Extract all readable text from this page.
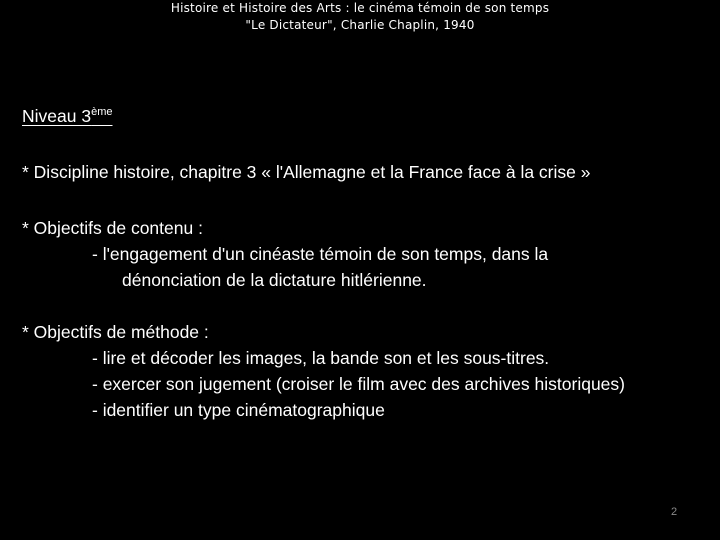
Histoire et Histoire des Arts : le cinéma témoin de son temps
"Le Dictateur", Charlie Chaplin, 1940
Niveau 3ème
* Discipline histoire, chapitre 3 « l'Allemagne et la France face à la crise »
* Objectifs de contenu :
- l'engagement d'un cinéaste témoin de son temps, dans la
dénonciation de la dictature hitlérienne.
* Objectifs de méthode :
- lire et décoder les images, la bande son et les sous-titres.
- exercer son jugement (croiser le film avec des archives historiques)
- identifier un type cinématographique
2
